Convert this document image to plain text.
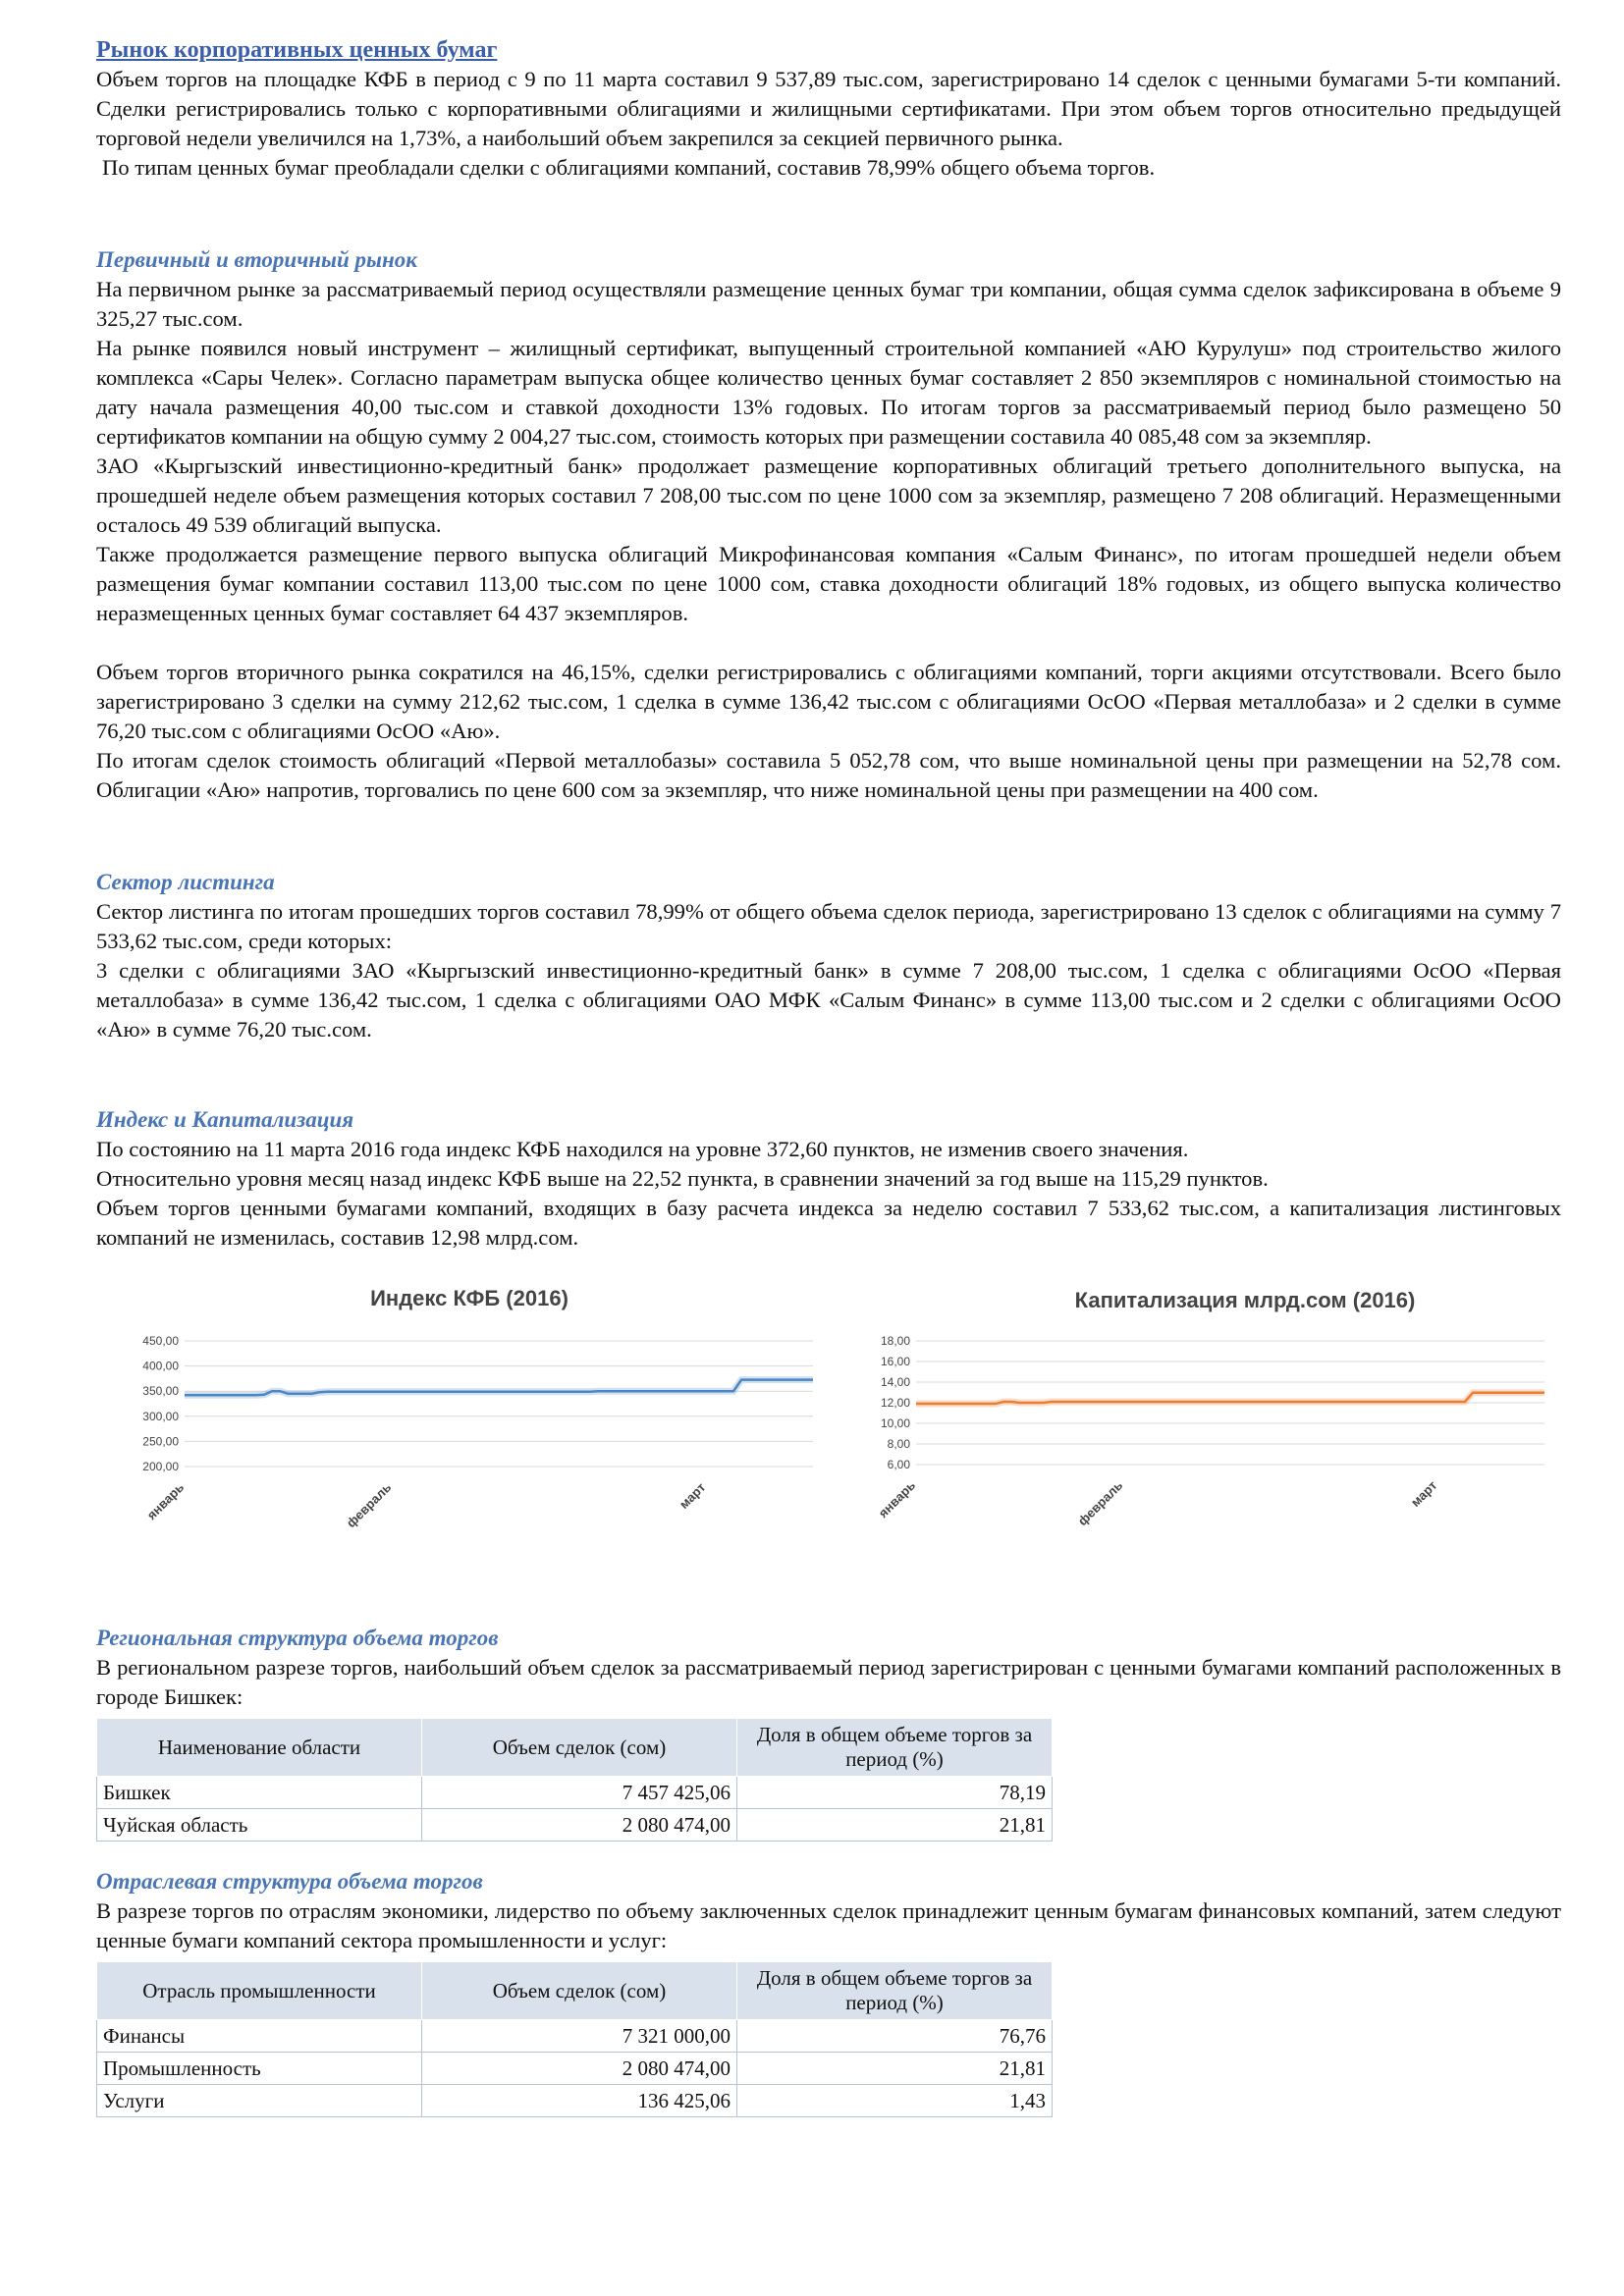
Рынок корпоративных ценных бумаг

Объем торгов на площадке КФБ в период с 9 по 11 марта составил 9 537,89 тыс.сом, зарегистрировано 14 сделок с ценными бумагами 5-ти компаний. Сделки регистрировались только с корпоративными облигациями и жилищными сертификатами. При этом объем торгов относительно предыдущей торговой недели увеличился на 1,73%, а наибольший объем закрепился за секцией первичного рынка.

По типам ценных бумаг преобладали сделки с облигациями компаний, составив 78,99% общего объема торгов.

Первичный и вторичный рынок

На первичном рынке за рассматриваемый период осуществляли размещение ценных бумаг три компании, общая сумма сделок зафиксирована в объеме 9 325,27 тыс.сом.

На рынке появился новый инструмент – жилищный сертификат, выпущенный строительной компанией «АЮ Курулуш» под строительство жилого комплекса «Сары Челек». Согласно параметрам выпуска общее количество ценных бумаг составляет 2 850 экземпляров с номинальной стоимостью на дату начала размещения 40,00 тыс.сом и ставкой доходности 13% годовых. По итогам торгов за рассматриваемый период было размещено 50 сертификатов компании на общую сумму 2 004,27 тыс.сом, стоимость которых при размещении составила 40 085,48 сом за экземпляр.

ЗАО «Кыргызский инвестиционно-кредитный банк» продолжает размещение корпоративных облигаций третьего дополнительного выпуска, на прошедшей неделе объем размещения которых составил 7 208,00 тыс.сом по цене 1000 сом за экземпляр, размещено 7 208 облигаций. Неразмещенными осталось 49 539 облигаций выпуска.

Также продолжается размещение первого выпуска облигаций Микрофинансовая компания «Салым Финанс», по итогам прошедшей недели объем размещения бумаг компании составил 113,00 тыс.сом по цене 1000 сом, ставка доходности облигаций 18% годовых, из общего выпуска количество неразмещенных ценных бумаг составляет 64 437 экземпляров.

Объем торгов вторичного рынка сократился на 46,15%, сделки регистрировались с облигациями компаний, торги акциями отсутствовали. Всего было зарегистрировано 3 сделки на сумму 212,62 тыс.сом, 1 сделка в сумме 136,42 тыс.сом с облигациями ОсОО «Первая металлобаза» и 2 сделки в сумме 76,20 тыс.сом с облигациями ОсОО «Аю».

По итогам сделок стоимость облигаций «Первой металлобазы» составила 5 052,78 сом, что выше номинальной цены при размещении на 52,78 сом. Облигации «Аю» напротив, торговались по цене 600 сом за экземпляр, что ниже номинальной цены при размещении на 400 сом.

Сектор листинга

Сектор листинга по итогам прошедших торгов составил 78,99% от общего объема сделок периода, зарегистрировано 13 сделок с облигациями на сумму 7 533,62 тыс.сом, среди которых:

3 сделки с облигациями ЗАО «Кыргызский инвестиционно-кредитный банк» в сумме 7 208,00 тыс.сом, 1 сделка с облигациями ОсОО «Первая металлобаза» в сумме 136,42 тыс.сом, 1 сделка с облигациями ОАО МФК «Салым Финанс» в сумме 113,00 тыс.сом и 2 сделки с облигациями ОсОО «Аю» в сумме 76,20 тыс.сом.

Индекс и Капитализация

По состоянию на 11 марта 2016 года индекс КФБ находился на уровне 372,60 пунктов, не изменив своего значения.

Относительно уровня месяц назад индекс КФБ выше на 22,52 пункта, в сравнении значений за год выше на 115,29 пунктов.

Объем торгов ценными бумагами компаний, входящих в базу расчета индекса за неделю составил 7 533,62 тыс.сом, а капитализация листинговых компаний не изменилась, составив 12,98 млрд.сом.

Индекс КФБ (2016)
450,00
400,00
350,00
300,00
250,00
200,00
январь	февраль	март
Капитализация млрд.сом (2016)
18,00
16,00
14,00
12,00
10,00
8,00
6,00
январь	февраль	март
Региональная структура объема торгов

В региональном разрезе торгов, наибольший объем сделок за рассматриваемый период зарегистрирован с ценными бумагами компаний расположенных в городе Бишкек:

Наименование области	Объем сделок (сом)	Доля в общем объеме торгов за период (%)
Бишкек	7 457 425,06	78,19
Чуйская область	2 080 474,00	21,81
Отраслевая структура объема торгов

В разрезе торгов по отраслям экономики, лидерство по объему заключенных сделок принадлежит ценным бумагам финансовых компаний, затем следуют ценные бумаги компаний сектора промышленности и услуг:

Отрасль промышленности	Объем сделок (сом)	Доля в общем объеме торгов за период (%)
Финансы	7 321 000,00	76,76
Промышленность	2 080 474,00	21,81
Услуги	136 425,06	1,43
